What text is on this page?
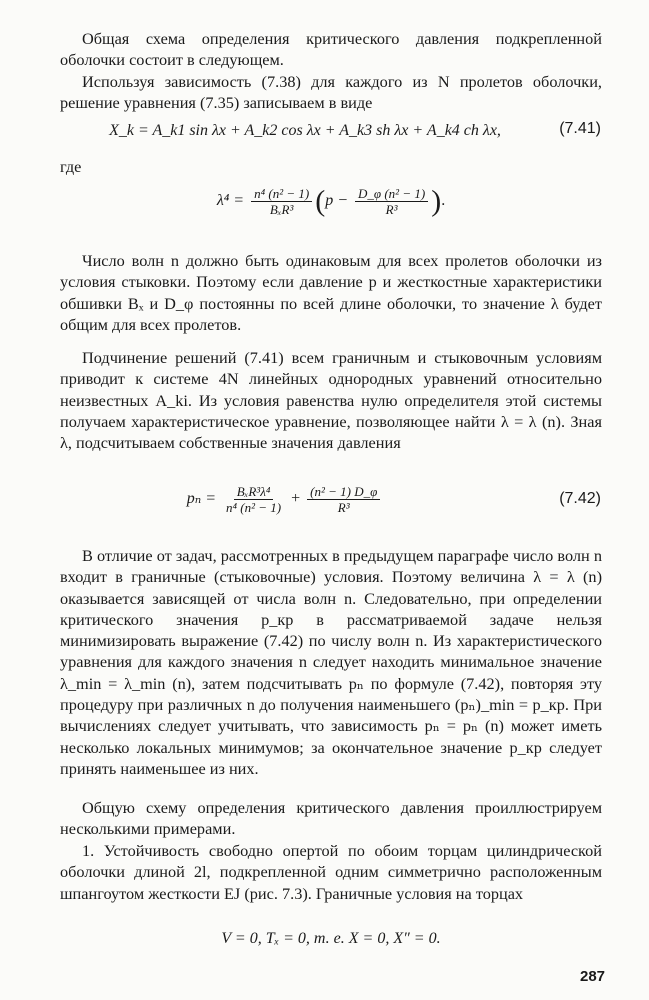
Общая схема определения критического давления подкрепленной оболочки состоит в следующем.

Используя зависимость (7.38) для каждого из N пролетов оболочки, решение уравнения (7.35) записываем в виде

X_k = A_k1 sin λx + A_k2 cos λx + A_k3 sh λx + A_k4 ch λx,	(7.41)

где

$\lambda^4 = \frac{\text{n⁴ (n² − 1)}}{\text{BₓR³}} (p - \frac{\text{D\_φ (n² − 1)}}{\text{R³}}$ ).

Число волн n должно быть одинаковым для всех пролетов оболочки из условия стыковки. Поэтому если давление p и жесткостные характеристики обшивки Bₓ и D_φ постоянны по всей длине оболочки, то значение λ будет общим для всех пролетов.

Подчинение решений (7.41) всем граничным и стыковочным условиям приводит к системе 4N линейных однородных уравнений относительно неизвестных A_ki. Из условия равенства нулю определителя этой системы получаем характеристическое уравнение, позволяющее найти λ = λ (n). Зная λ, подсчитываем собственные значения давления

$p_n = \frac{\text{BₓR³λ⁴}}{\text{n⁴ (n² − 1)}} + \frac{\text{(n² − 1) D\_φ}}{\text{R³}}$	(7.42)

В отличие от задач, рассмотренных в предыдущем параграфе число волн n входит в граничные (стыковочные) условия. Поэтому величина λ = λ (n) оказывается зависящей от числа волн n. Следовательно, при определении критического значения p_кр в рассматриваемой задаче нельзя минимизировать выражение (7.42) по числу волн n. Из характеристического уравнения для каждого значения n следует находить минимальное значение λ_min = λ_min (n), затем подсчитывать pₙ по формуле (7.42), повторяя эту процедуру при различных n до получения наименьшего (pₙ)_min = p_кр. При вычислениях следует учитывать, что зависимость pₙ = pₙ (n) может иметь несколько локальных минимумов; за окончательное значение p_кр следует принять наименьшее из них.

Общую схему определения критического давления проиллюстрируем несколькими примерами.

1. Устойчивость свободно опертой по обоим торцам цилиндрической оболочки длиной 2l, подкрепленной одним симметрично расположенным шпангоутом жесткости EJ (рис. 7.3). Граничные условия на торцах

V = 0, Tₓ = 0, т. е. X = 0, X″ = 0.
287
